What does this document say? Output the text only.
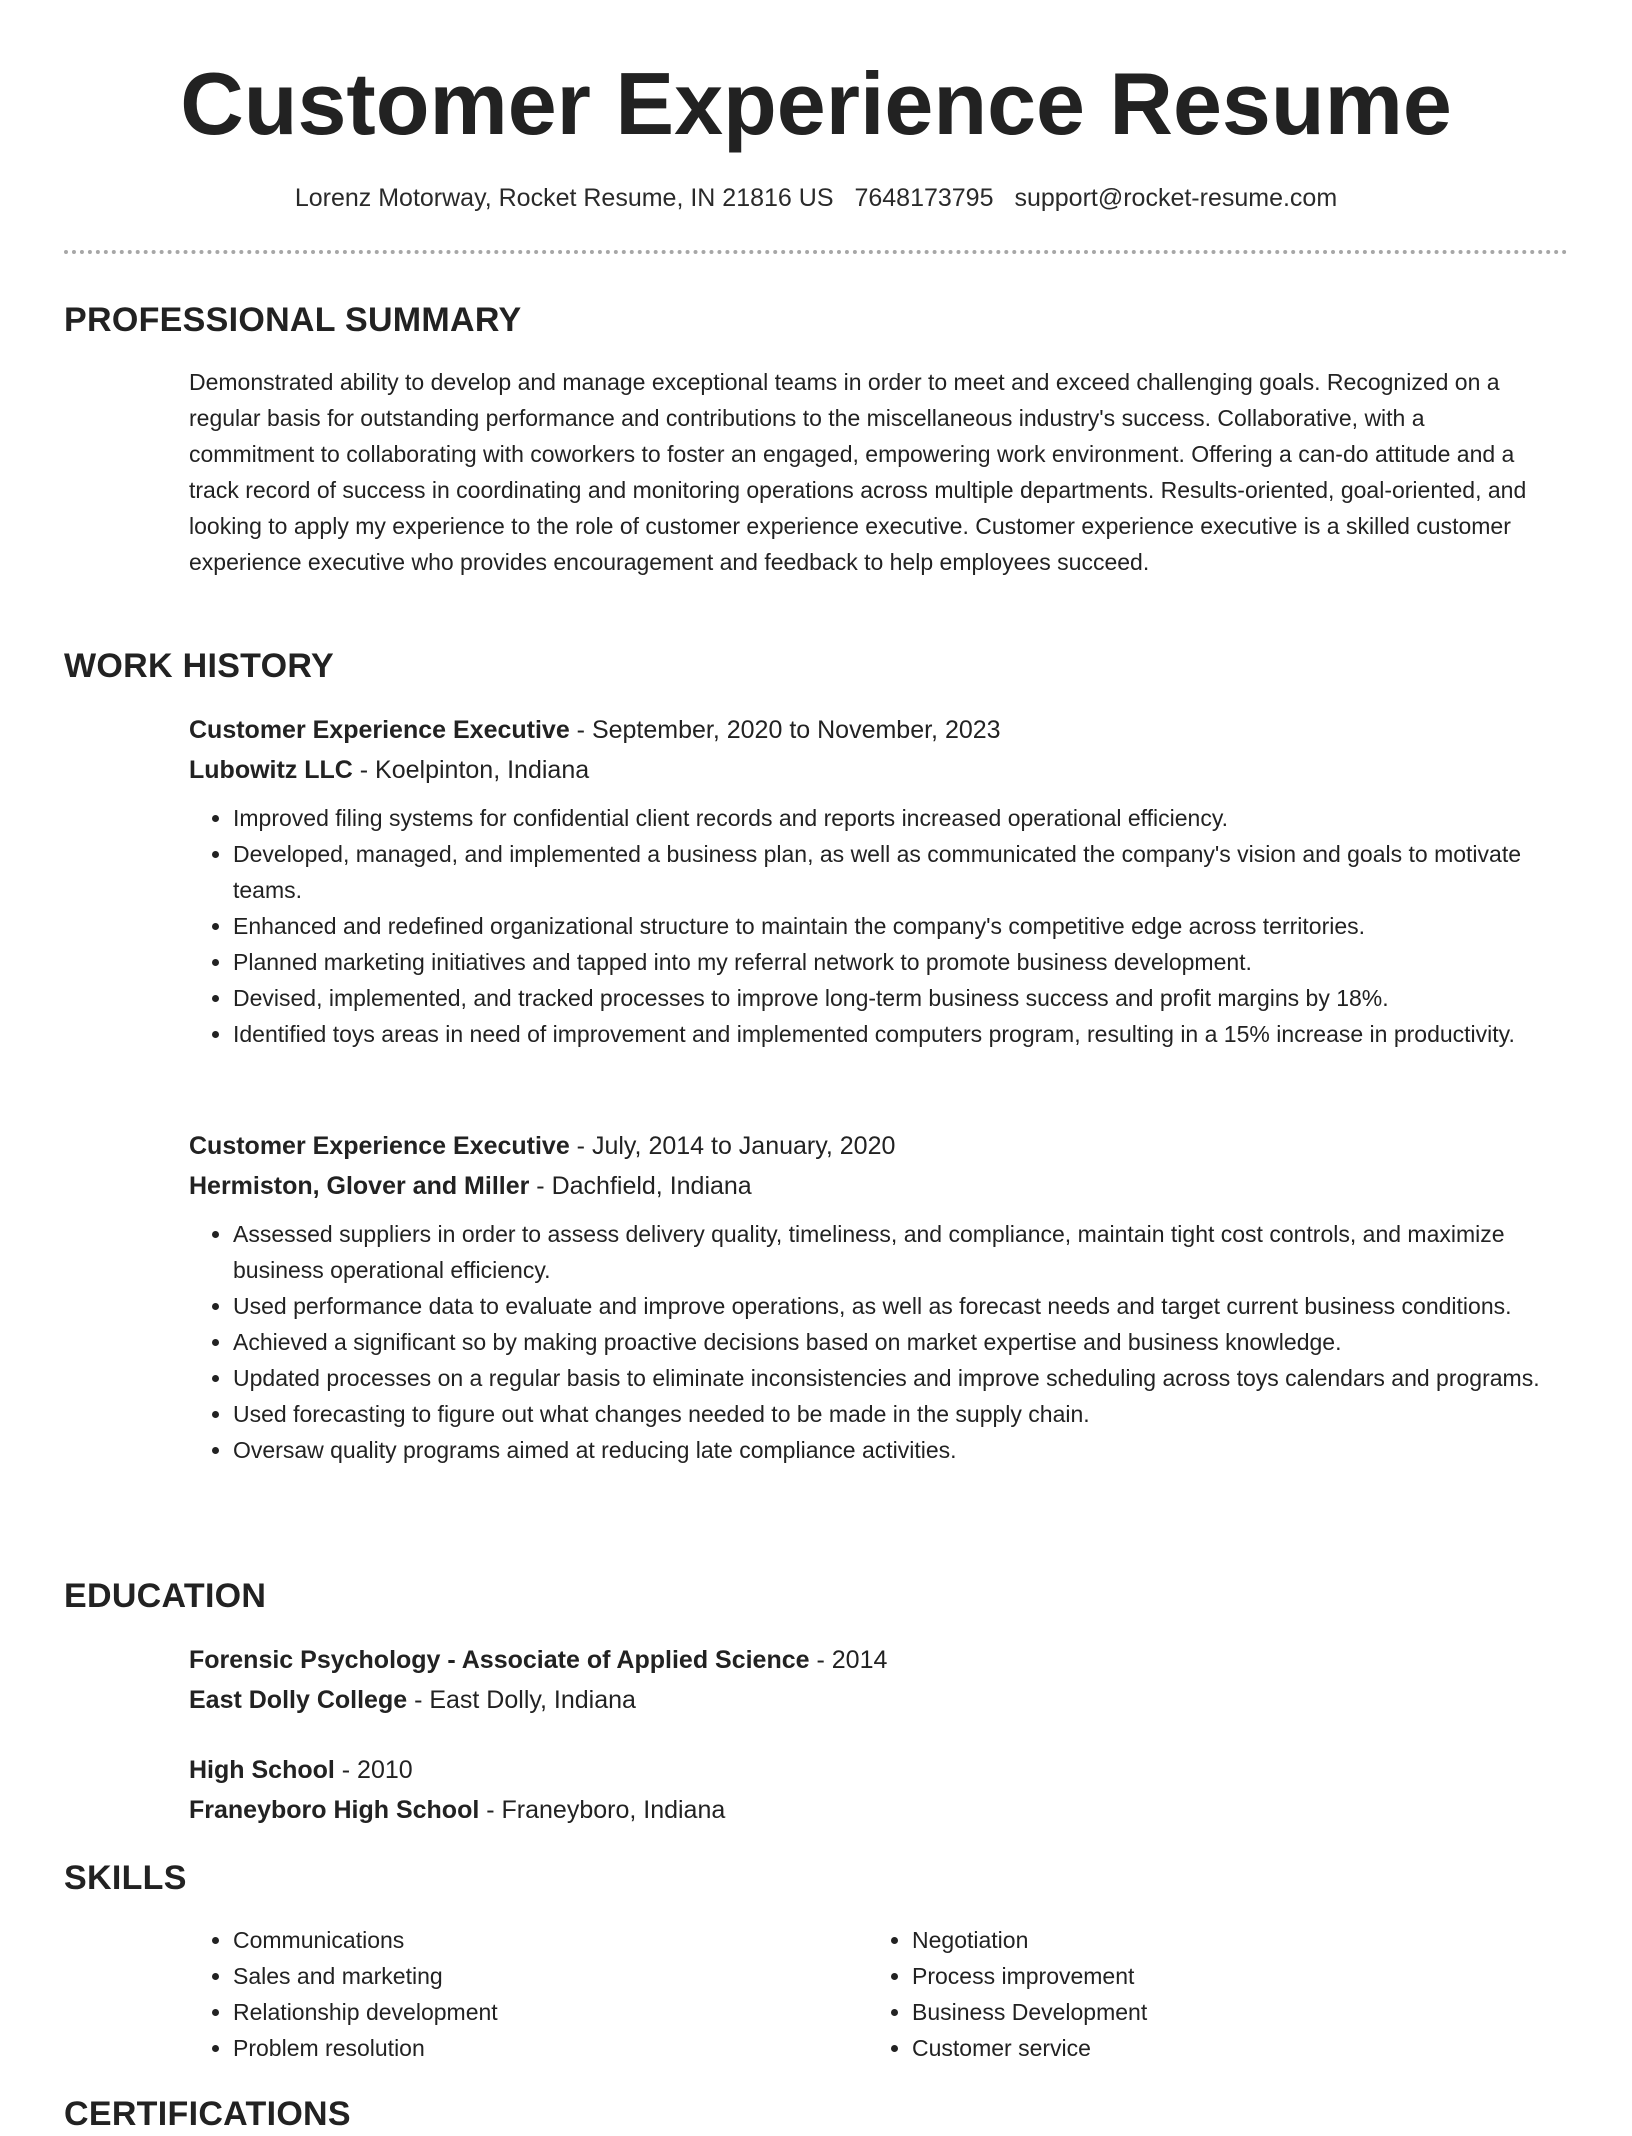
Customer Experience Resume
Lorenz Motorway, Rocket Resume, IN 21816 US 7648173795 support@rocket-resume.com
PROFESSIONAL SUMMARY

Demonstrated ability to develop and manage exceptional teams in order to meet and exceed challenging goals. Recognized on a regular basis for outstanding performance and contributions to the miscellaneous industry's success. Collaborative, with a commitment to collaborating with coworkers to foster an engaged, empowering work environment. Offering a can-do attitude and a track record of success in coordinating and monitoring operations across multiple departments. Results-oriented, goal-oriented, and looking to apply my experience to the role of customer experience executive. Customer experience executive is a skilled customer experience executive who provides encouragement and feedback to help employees succeed.

WORK HISTORY

Customer Experience Executive - September, 2020 to November, 2023

Lubowitz LLC - Koelpinton, Indiana

• Improved filing systems for confidential client records and reports increased operational efficiency.
• Developed, managed, and implemented a business plan, as well as communicated the company's vision and goals to motivate teams.
• Enhanced and redefined organizational structure to maintain the company's competitive edge across territories.
• Planned marketing initiatives and tapped into my referral network to promote business development.
• Devised, implemented, and tracked processes to improve long-term business success and profit margins by 18%.
• Identified toys areas in need of improvement and implemented computers program, resulting in a 15% increase in productivity.

Customer Experience Executive - July, 2014 to January, 2020

Hermiston, Glover and Miller - Dachfield, Indiana

• Assessed suppliers in order to assess delivery quality, timeliness, and compliance, maintain tight cost controls, and maximize business operational efficiency.
• Used performance data to evaluate and improve operations, as well as forecast needs and target current business conditions.
• Achieved a significant so by making proactive decisions based on market expertise and business knowledge.
• Updated processes on a regular basis to eliminate inconsistencies and improve scheduling across toys calendars and programs.
• Used forecasting to figure out what changes needed to be made in the supply chain.
• Oversaw quality programs aimed at reducing late compliance activities.
EDUCATION

Forensic Psychology - Associate of Applied Science - 2014

East Dolly College - East Dolly, Indiana

High School - 2010

Franeyboro High School - Franeyboro, Indiana

SKILLS
• Communications
• Sales and marketing
• Relationship development
• Problem resolution
• Negotiation
• Process improvement
• Business Development
• Customer service
CERTIFICATIONS
